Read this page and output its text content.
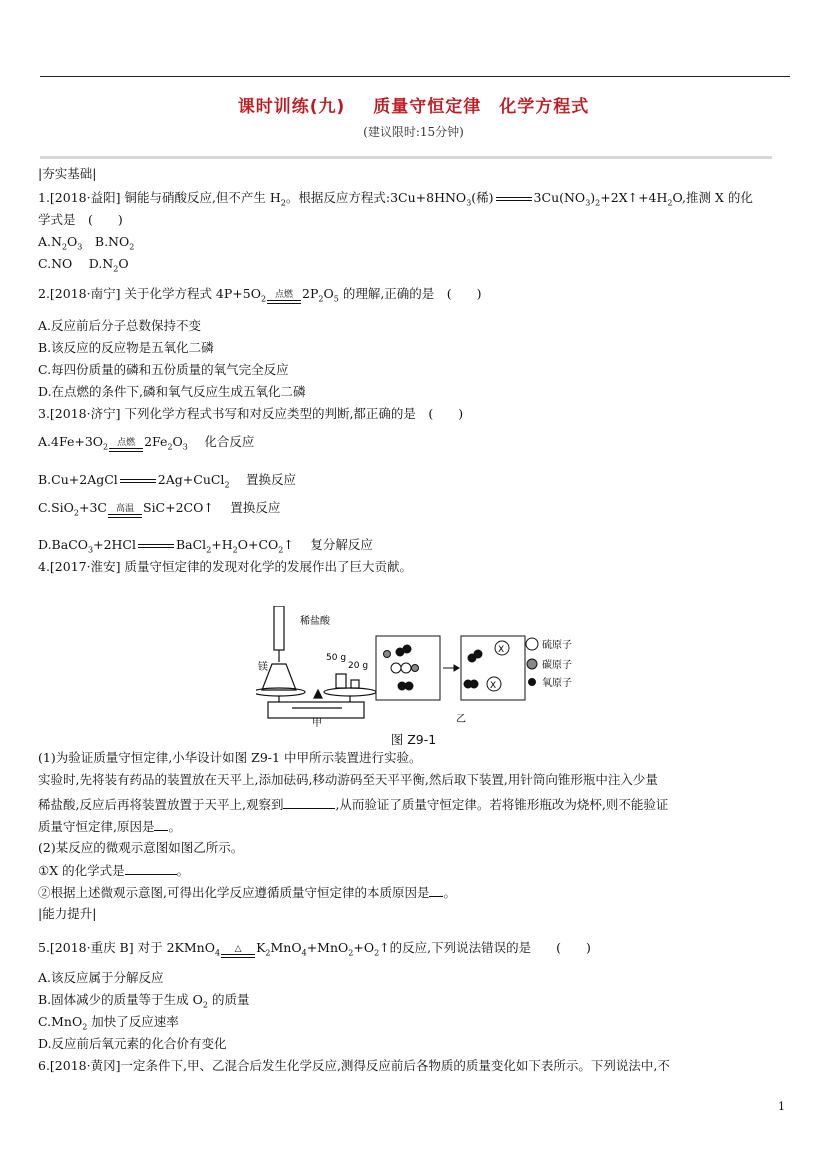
课时训练(九) 质量守恒定律　化学方程式
(建议限时:15分钟)
|夯实基础|
1.[2018·益阳] 铜能与硝酸反应,但不产生 $H_2$。根据反应方程式$:3Cu+8HNO_3$(稀)	$3Cu(NO_3)_2+2X↑+4H_2O$,推测 X 的化
学式是　(　　)
$A.N_2O_3$　$B.NO_2$
C.NO　 $D.N_2O$
2.[2018·南宁] 关于化学方程式 $4P+5O_2$ 点燃 $2P_2O_5$ 的理解,正确的是　(　　)
A.反应前后分子总数保持不变
B.该反应的反应物是五氧化二磷
C.每四份质量的磷和五份质量的氧气完全反应
D.在点燃的条件下,磷和氧气反应生成五氧化二磷
3.[2018·济宁] 下列化学方程式书写和对反应类型的判断,都正确的是　(　　)
$A.4Fe+3O_2$ 点燃 $2Fe_2O_3$　 化合反应
B.Cu+2AgCl	2Ag+CuCl$_2$　 置换反应
C.SiO$_2$+3C 高温 SiC+2CO↑　 置换反应
D.BaCO$_3$+2HCl	$BaCl_2+H_2O+CO_2↑$　 复分解反应
4.[2017·淮安] 质量守恒定律的发现对化学的发展作出了巨大贡献。
稀盐酸
镁
50 g
20 g
甲
X
X
硫原子
碳原子
氧原子
乙
图 Z9-1
(1)为验证质量守恒定律,小华设计如图 Z9-1 中甲所示装置进行实验。
实验时,先将装有药品的装置放在天平上,添加砝码,移动游码至天平平衡,然后取下装置,用针筒向锥形瓶中注入少量
稀盐酸,反应后再将装置放置于天平上,观察到	,从而验证了质量守恒定律。若将锥形瓶改为烧杯,则不能验证
质量守恒定律,原因是 。
(2)某反应的微观示意图如图乙所示。
①X 的化学式是	。
②根据上述微观示意图,可得出化学反应遵循质量守恒定律的本质原因是 。
|能力提升|
5.[2018·重庆 B] 对于 2KMnO$_4$ △ $K_2MnO_4+MnO_2+O_2↑$的反应,下列说法错误的是　　(　　)
A.该反应属于分解反应
B.固体减少的质量等于生成 $O_2$ 的质量
C.MnO$_2$ 加快了反应速率
D.反应前后氧元素的化合价有变化
6.[2018·黄冈]一定条件下,甲、乙混合后发生化学反应,测得反应前后各物质的质量变化如下表所示。下列说法中,不
1
